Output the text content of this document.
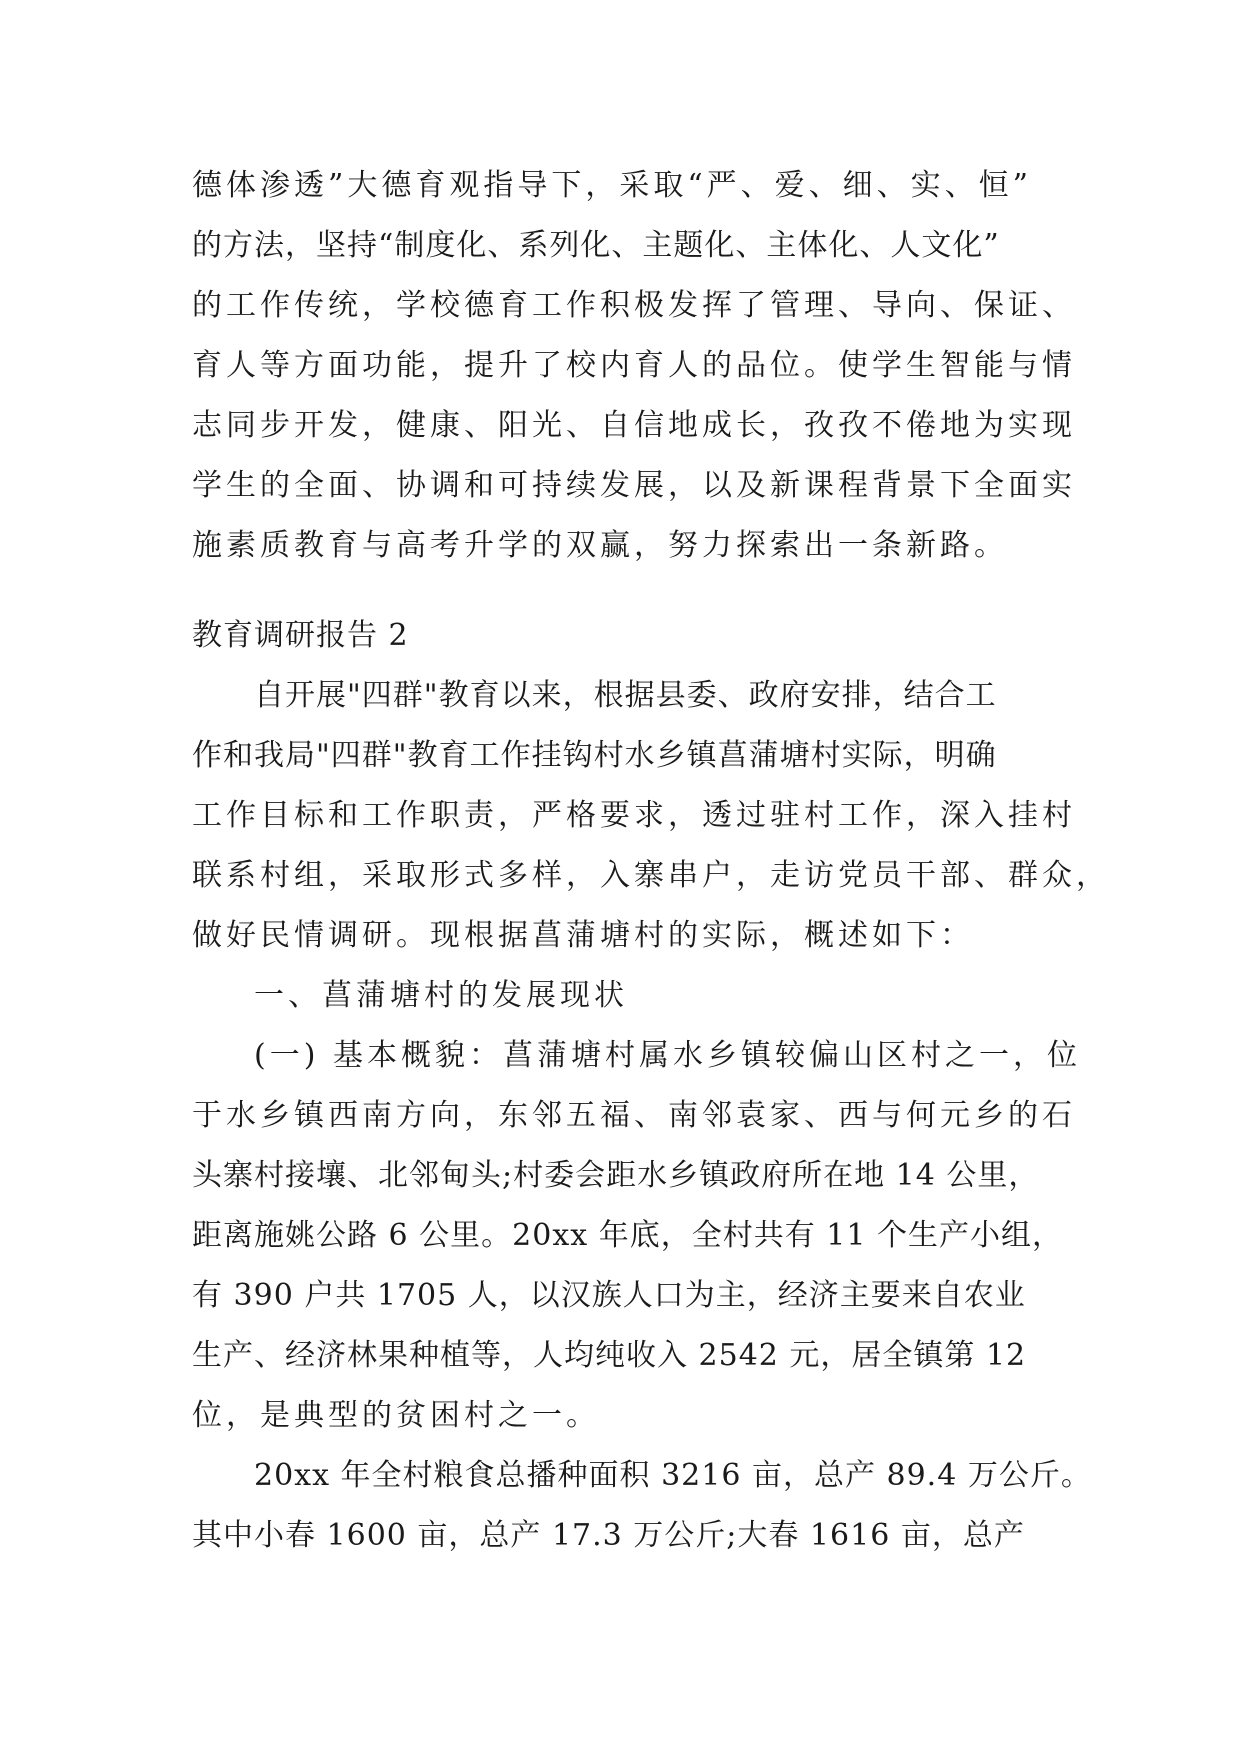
德体渗透”大德育观指导下，采取“严、爱、细、实、恒”
的方法，坚持“制度化、系列化、主题化、主体化、人文化”
的工作传统，学校德育工作积极发挥了管理、导向、保证、
育人等方面功能，提升了校内育人的品位。使学生智能与情
志同步开发，健康、阳光、自信地成长，孜孜不倦地为实现
学生的全面、协调和可持续发展，以及新课程背景下全面实
施素质教育与高考升学的双赢，努力探索出一条新路。
教育调研报告 2
自开展"四群"教育以来，根据县委、政府安排，结合工
作和我局"四群"教育工作挂钩村水乡镇菖蒲塘村实际，明确
工作目标和工作职责，严格要求，透过驻村工作，深入挂村
联系村组，采取形式多样，入寨串户，走访党员干部、群众，
做好民情调研。现根据菖蒲塘村的实际，概述如下：
一、菖蒲塘村的发展现状
(一) 基本概貌：菖蒲塘村属水乡镇较偏山区村之一，位
于水乡镇西南方向，东邻五福、南邻袁家、西与何元乡的石
头寨村接壤、北邻甸头;村委会距水乡镇政府所在地 14 公里，
距离施姚公路 6 公里。20xx 年底，全村共有 11 个生产小组，
有 390 户共 1705 人，以汉族人口为主，经济主要来自农业
生产、经济林果种植等，人均纯收入 2542 元，居全镇第 12
位，是典型的贫困村之一。
20xx 年全村粮食总播种面积 3216 亩，总产 89.4 万公斤。
其中小春 1600 亩，总产 17.3 万公斤;大春 1616 亩，总产
